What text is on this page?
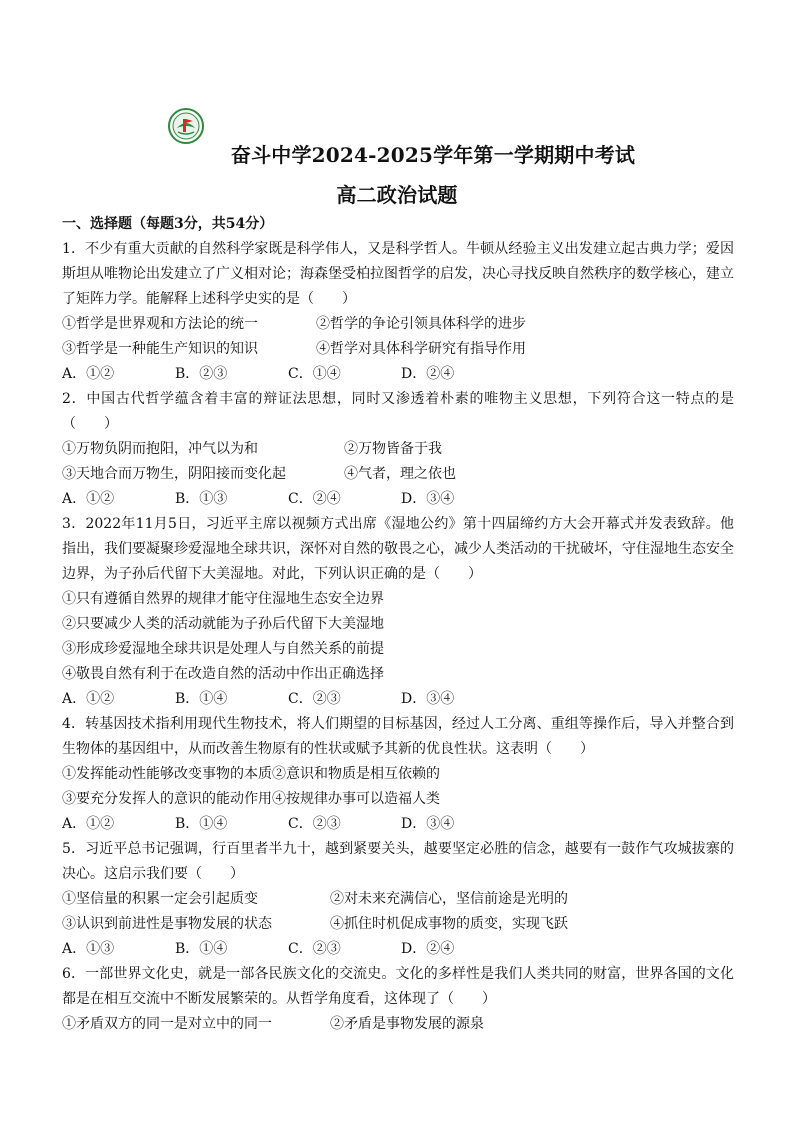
奋斗中学2024-2025学年第一学期期中考试
高二政治试题
一、选择题（每题3分，共54分）

1．不少有重大贡献的自然科学家既是科学伟人，又是科学哲人。牛顿从经验主义出发建立起古典力学；爱因斯坦从唯物论出发建立了广义相对论；海森堡受柏拉图哲学的启发，决心寻找反映自然秩序的数学核心，建立了矩阵力学。能解释上述科学史实的是（　　）

①哲学是世界观和方法论的统一	②哲学的争论引领具体科学的进步
③哲学是一种能生产知识的知识	④哲学对具体科学研究有指导作用
A．①②	B．②③	C．①④	D．②④

2．中国古代哲学蕴含着丰富的辩证法思想，同时又渗透着朴素的唯物主义思想，下列符合这一特点的是（　　）

①万物负阴而抱阳，冲气以为和	②万物皆备于我
③天地合而万物生，阴阳接而变化起	④气者，理之依也
A．①②	B．①③	C．②④	D．③④

3．2022年11月5日，习近平主席以视频方式出席《湿地公约》第十四届缔约方大会开幕式并发表致辞。他指出，我们要凝聚珍爱湿地全球共识，深怀对自然的敬畏之心，减少人类活动的干扰破坏，守住湿地生态安全边界，为子孙后代留下大美湿地。对此，下列认识正确的是（　　）

①只有遵循自然界的规律才能守住湿地生态安全边界
②只要减少人类的活动就能为子孙后代留下大美湿地
③形成珍爱湿地全球共识是处理人与自然关系的前提
④敬畏自然有利于在改造自然的活动中作出正确选择
A．①②	B．①④	C．②③	D．③④

4．转基因技术指利用现代生物技术，将人们期望的目标基因，经过人工分离、重组等操作后，导入并整合到生物体的基因组中，从而改善生物原有的性状或赋予其新的优良性状。这表明（　　）

①发挥能动性能够改变事物的本质②意识和物质是相互依赖的
③要充分发挥人的意识的能动作用④按规律办事可以造福人类
A．①②	B．①④	C．②③	D．③④

5．习近平总书记强调，行百里者半九十，越到紧要关头，越要坚定必胜的信念，越要有一鼓作气攻城拔寨的决心。这启示我们要（　　）

①坚信量的积累一定会引起质变	②对未来充满信心，坚信前途是光明的
③认识到前进性是事物发展的状态	④抓住时机促成事物的质变，实现飞跃
A．①③	B．①④	C．②③	D．②④

6．一部世界文化史，就是一部各民族文化的交流史。文化的多样性是我们人类共同的财富，世界各国的文化都是在相互交流中不断发展繁荣的。从哲学角度看，这体现了（　　）

①矛盾双方的同一是对立中的同一	②矛盾是事物发展的源泉
